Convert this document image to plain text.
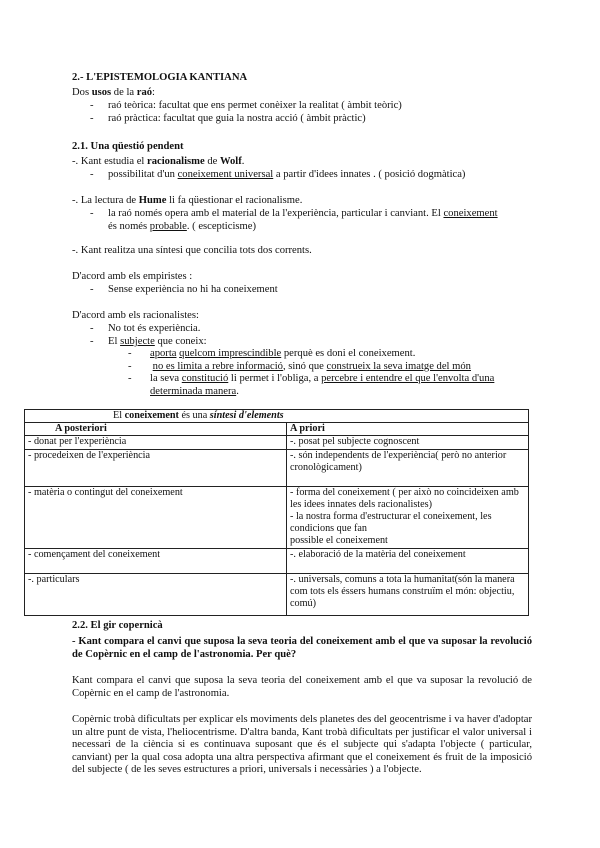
2.- L'EPISTEMOLOGIA KANTIANA
Dos usos de la raó:
- raó teòrica: facultat que ens permet conèixer la realitat ( àmbit teòric)
- raó pràctica: facultat que guia la nostra acció ( àmbit pràctic)
2.1. Una qüestió pendent
-. Kant estudia el racionalisme de Wolf.
- possibilitat d'un coneixement universal a partir d'idees innates . ( posició dogmàtica)
-. La lectura de Hume li fa qüestionar el racionalisme.
- la raó només opera amb el material de la l'experiència, particular i canviant. El coneixement
és només probable. ( escepticisme)
-. Kant realitza una síntesi que concilia tots dos corrents.
D'acord amb els empiristes :
- Sense experiència no hi ha coneixement
D'acord amb els racionalistes:
- No tot és experiència.
- El subjecte que coneix:
- aporta quelcom imprescindible perquè es doni el coneixement.
- no es limita a rebre informació, sinó que construeix la seva imatge del món
- la seva constitució li permet i l'obliga, a percebre i entendre el que l'envolta d'una
determinada manera.
El coneixement és una síntesi d'elements	
A posteriori	A priori
- donat per l'experiència	-. posat pel subjecte cognoscent
- procedeixen de l'experiència	-. són independents de l'experiència( però no anterior cronològicament)
- matèria o contingut del coneixement	- forma del coneixement ( per això no coincideixen amb les idees innates dels racionalistes)
- la nostra forma d'estructurar el coneixement, les condicions que fan
possible el coneixement
- començament del coneixement	-. elaboració de la matèria del coneixement
-. particulars	-. universals, comuns a tota la humanitat(són la manera com tots els éssers humans construïm el món: objectiu, comú)
2.2. El gir copernicà
- Kant compara el canvi que suposa la seva teoria del coneixement amb el que va suposar la revolució de Copèrnic en el camp de l'astronomia. Per què?
Kant compara el canvi que suposa la seva teoria del coneixement amb el que va suposar la revolució de Copèrnic en el camp de l'astronomia.
Copèrnic trobà dificultats per explicar els moviments dels planetes des del geocentrisme i va haver d'adoptar un altre punt de vista, l'heliocentrisme. D'altra banda, Kant trobà dificultats per justificar el valor universal i necessari de la ciència si es continuava suposant que és el subjecte qui s'adapta l'objecte ( particular, canviant) per la qual cosa adopta una altra perspectiva afirmant que el coneixement és fruit de la imposició del subjecte ( de les seves estructures a priori, universals i necessàries ) a l'objecte.
